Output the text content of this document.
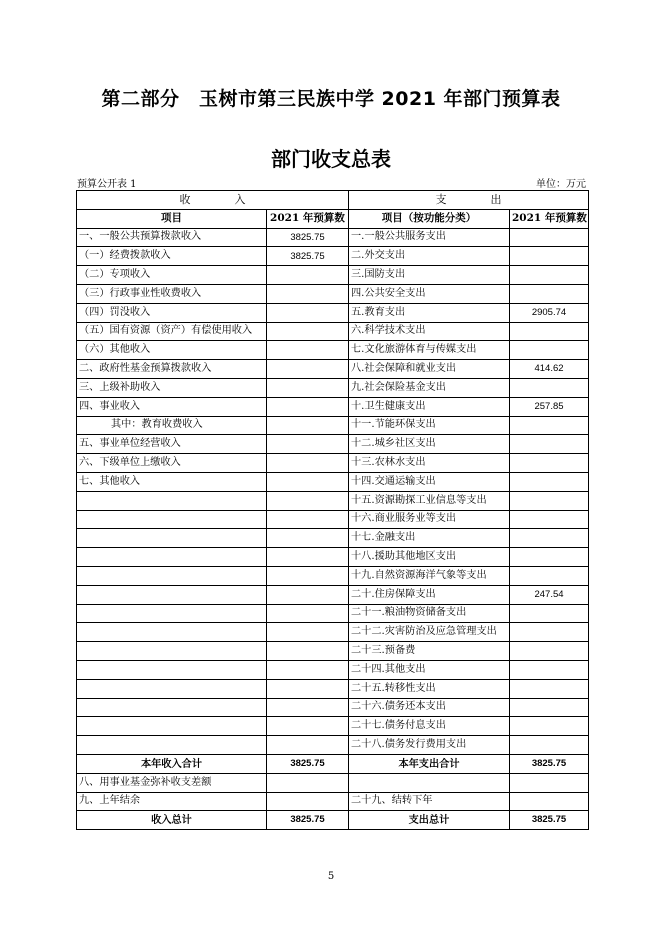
第二部分　玉树市第三民族中学 2021 年部门预算表
部门收支总表
预算公开表 1	单位：万元
收　　　　入		支　　　　出	
项目	2021 年预算数	项目（按功能分类）	2021 年预算数
一、一般公共预算拨款收入	3825.75	一.一般公共服务支出	
（一）经费拨款收入	3825.75	二.外交支出	
（二）专项收入		三.国防支出	
（三）行政事业性收费收入		四.公共安全支出	
（四）罚没收入		五.教育支出	2905.74
（五）国有资源（资产）有偿使用收入		六.科学技术支出	
（六）其他收入		七.文化旅游体育与传媒支出	
二、政府性基金预算拨款收入		八.社会保障和就业支出	414.62
三、上级补助收入		九.社会保险基金支出	
四、事业收入		十.卫生健康支出	257.85
其中：教育收费收入		十一.节能环保支出	
五、事业单位经营收入		十二.城乡社区支出	
六、下级单位上缴收入		十三.农林水支出	
七、其他收入		十四.交通运输支出	
		十五.资源勘探工业信息等支出	
		十六.商业服务业等支出	
		十七.金融支出	
		十八.援助其他地区支出	
		十九.自然资源海洋气象等支出	
		二十.住房保障支出	247.54
		二十一.粮油物资储备支出	
		二十二.灾害防治及应急管理支出	
		二十三.预备费	
		二十四.其他支出	
		二十五.转移性支出	
		二十六.债务还本支出	
		二十七.债务付息支出	
		二十八.债务发行费用支出	
本年收入合计	3825.75	本年支出合计	3825.75
八、用事业基金弥补收支差额			
九、上年结余		二十九、结转下年	
收入总计	3825.75	支出总计	3825.75
5
